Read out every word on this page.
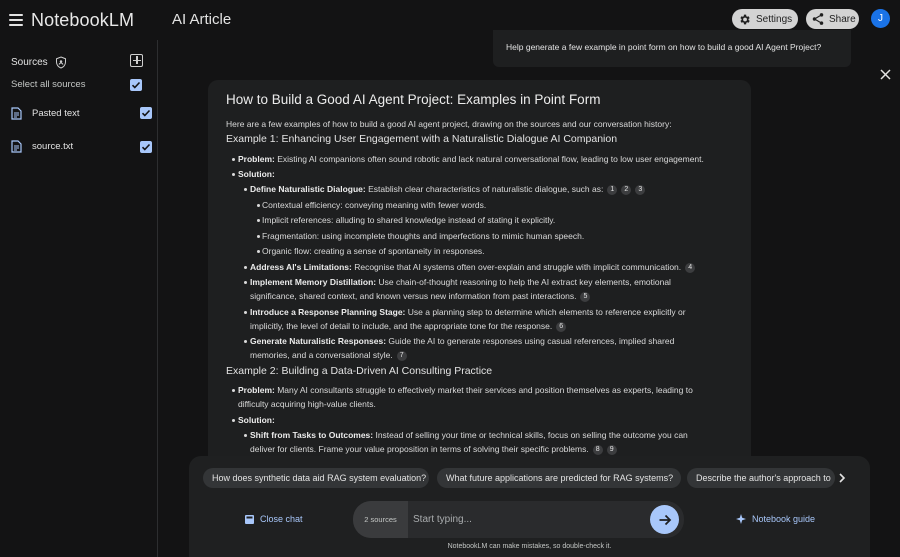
NotebookLM	AI Article	Settings	Share	J
Sources
Select all sources
Pasted text
source.txt
Help generate a few example in point form on how to build a good AI Agent Project?
How to Build a Good AI Agent Project: Examples in Point Form
Here are a few examples of how to build a good AI agent project, drawing on the sources and our conversation history:
Example 1: Enhancing User Engagement with a Naturalistic Dialogue AI Companion
Problem: Existing AI companions often sound robotic and lack natural conversational flow, leading to low user engagement.
Solution:
Define Naturalistic Dialogue: Establish clear characteristics of naturalistic dialogue, such as: 1 2 3
Contextual efficiency: conveying meaning with fewer words.
Implicit references: alluding to shared knowledge instead of stating it explicitly.
Fragmentation: using incomplete thoughts and imperfections to mimic human speech.
Organic flow: creating a sense of spontaneity in responses.
Address AI's Limitations: Recognise that AI systems often over-explain and struggle with implicit communication. 4
Implement Memory Distillation: Use chain-of-thought reasoning to help the AI extract key elements, emotional
significance, shared context, and known versus new information from past interactions. 5
Introduce a Response Planning Stage: Use a planning step to determine which elements to reference explicitly or
implicitly, the level of detail to include, and the appropriate tone for the response. 6
Generate Naturalistic Responses: Guide the AI to generate responses using casual references, implied shared
memories, and a conversational style. 7
Example 2: Building a Data-Driven AI Consulting Practice
Problem: Many AI consultants struggle to effectively market their services and position themselves as experts, leading to
difficulty acquiring high-value clients.
Solution:
Shift from Tasks to Outcomes: Instead of selling your time or technical skills, focus on selling the outcome you can
deliver for clients. Frame your value proposition in terms of solving their specific problems. 8 9
How does synthetic data aid RAG system evaluation?	What future applications are predicted for RAG systems?	Describe the author's approach to
Close chat	2 sources
Start typing...	Notebook guide
NotebookLM can make mistakes, so double-check it.
